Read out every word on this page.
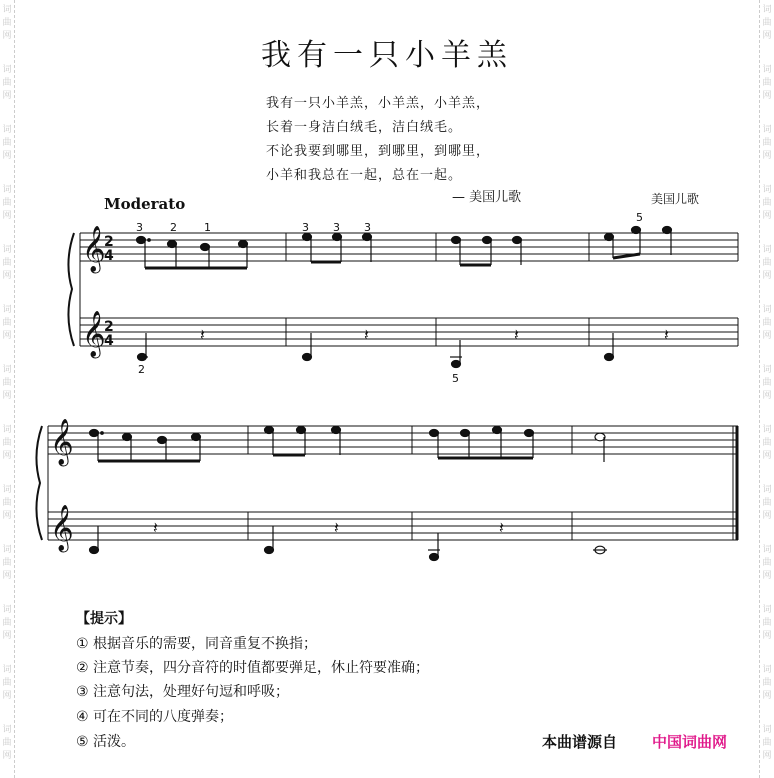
词
曲
网
词
曲
网
词
曲
网
词
曲
网
词
曲
网
词
曲
网
词
曲
网
词
曲
网
词
曲
网
词
曲
网
词
曲
网
词
曲
网
词
曲
网
词
曲
网
词
曲
网
词
曲
网
词
曲
网
词
曲
网
词
曲
网
词
曲
网
词
曲
网
词
曲
网
词
曲
网
词
曲
网
词
曲
网
词
曲
网
我有一只小羊羔
我有一只小羊羔，小羊羔，小羊羔，
长着一身洁白绒毛，洁白绒毛。
不论我要到哪里，到哪里，到哪里，
小羊和我总在一起，总在一起。
— 美国儿歌	美国儿歌
Moderato
𝄞
𝄞
𝄞
𝄞
2
4
2
4
3 2 1	3 3 3
5
2
5
𝄽	𝄽	𝄽	𝄽
𝄽	𝄽	𝄽
【提示】
① 根据音乐的需要，同音重复不换指；
② 注意节奏，四分音符的时值都要弹足，休止符要准确；
③ 注意句法，处理好句逗和呼吸；
④ 可在不同的八度弹奏；
⑤ 活泼。	本曲谱源自 中国词曲网
